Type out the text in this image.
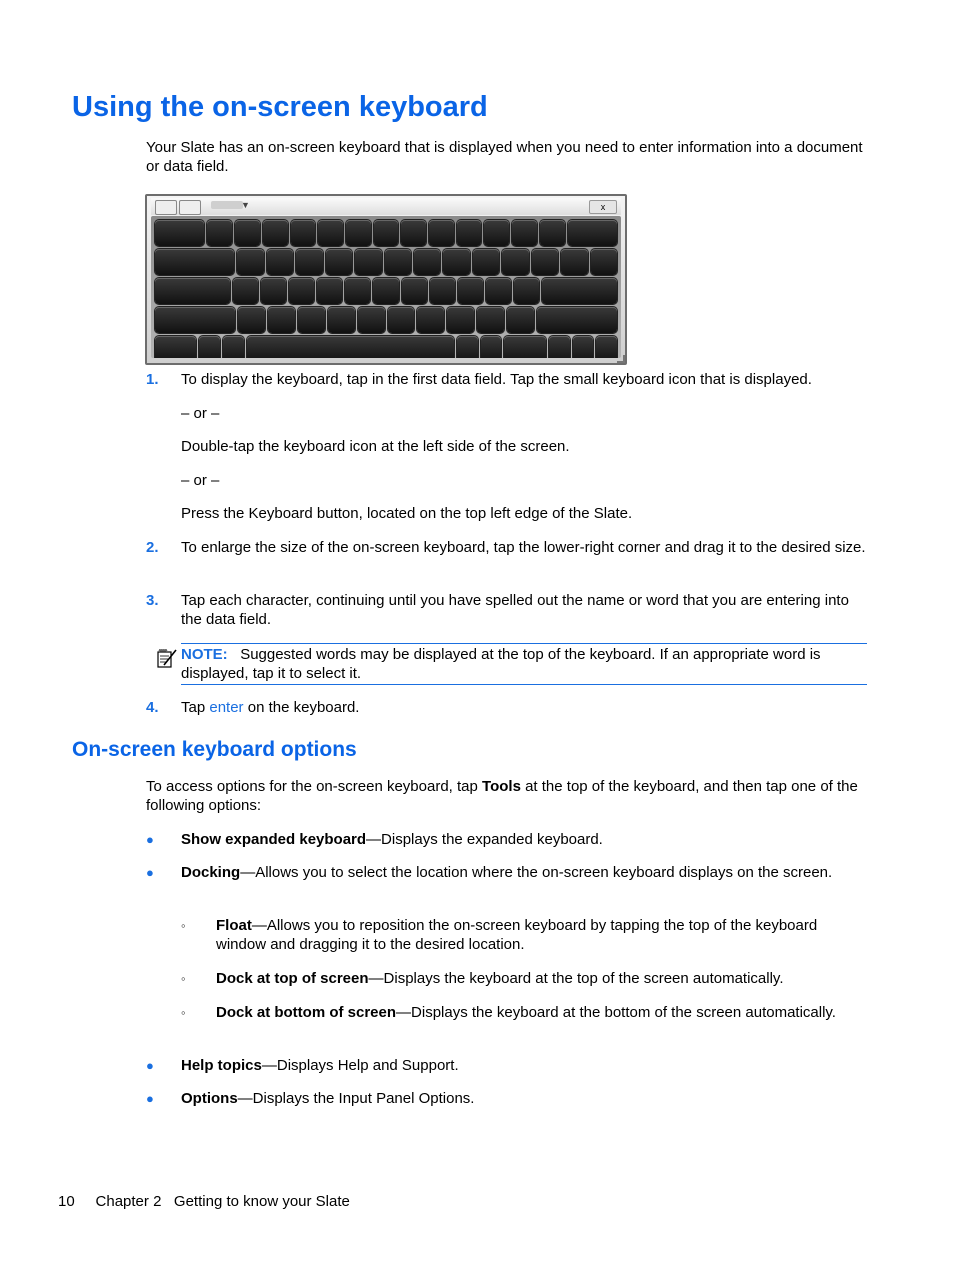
Using the on-screen keyboard
Your Slate has an on-screen keyboard that is displayed when you need to enter information into a document or data field.
▼	x
1. To display the keyboard, tap in the first data field. Tap the small keyboard icon that is displayed.
– or –
Double-tap the keyboard icon at the left side of the screen.
– or –
Press the Keyboard button, located on the top left edge of the Slate.
2. To enlarge the size of the on-screen keyboard, tap the lower-right corner and drag it to the desired size.
3. Tap each character, continuing until you have spelled out the name or word that you are entering into the data field.
NOTE: Suggested words may be displayed at the top of the keyboard. If an appropriate word is displayed, tap it to select it.
4. Tap enter on the keyboard.
On-screen keyboard options
To access options for the on-screen keyboard, tap Tools at the top of the keyboard, and then tap one of the following options:
● Show expanded keyboard—Displays the expanded keyboard.
● Docking—Allows you to select the location where the on-screen keyboard displays on the screen.
◦ Float—Allows you to reposition the on-screen keyboard by tapping the top of the keyboard window and dragging it to the desired location.
◦ Dock at top of screen—Displays the keyboard at the top of the screen automatically.
◦ Dock at bottom of screen—Displays the keyboard at the bottom of the screen automatically.
● Help topics—Displays Help and Support.
● Options—Displays the Input Panel Options.
10 Chapter 2 Getting to know your Slate
